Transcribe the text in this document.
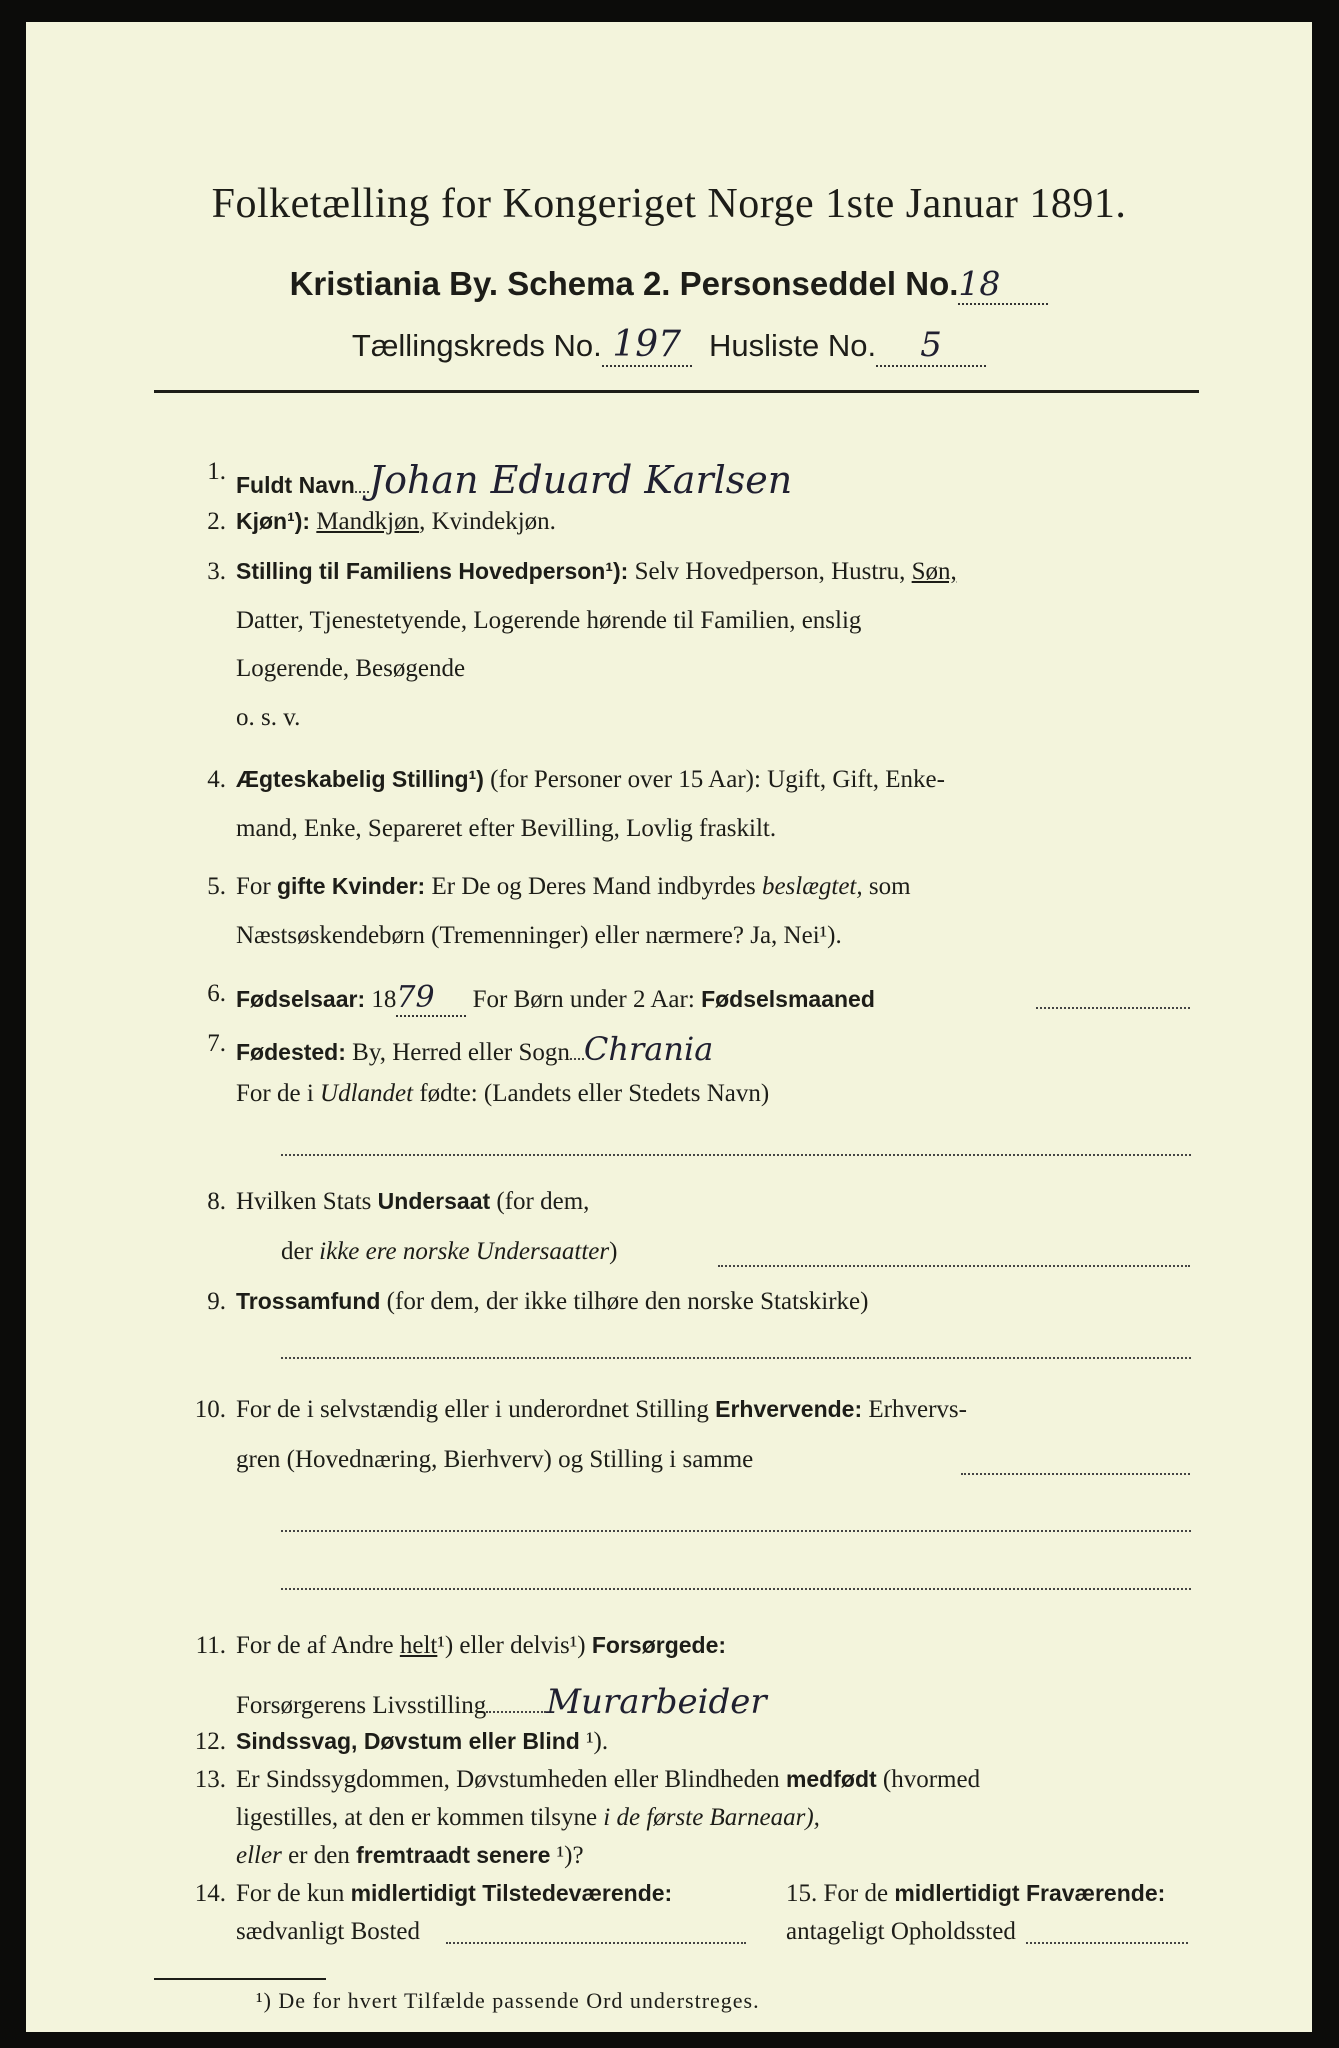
Folketælling for Kongeriget Norge 1ste Januar 1891.
Kristiania By. Schema 2. Personseddel No.18
Tællingskreds No. 197 Husliste No. 5
1. Fuldt Navn Johan Eduard Karlsen
2. Kjøn¹): Mandkjøn, Kvindekjøn.
3. Stilling til Familiens Hovedperson¹): Selv Hovedperson, Hustru, Søn,
Datter, Tjenestetyende, Logerende hørende til Familien, enslig
Logerende, Besøgende
o. s. v.
4. Ægteskabelig Stilling¹) (for Personer over 15 Aar): Ugift, Gift, Enke-
mand, Enke, Separeret efter Bevilling, Lovlig fraskilt.
5. For gifte Kvinder: Er De og Deres Mand indbyrdes beslægtet, som
Næstsøskendebørn (Tremenninger) eller nærmere? Ja, Nei¹).
6. Fødselsaar: 1879 For Børn under 2 Aar: Fødselsmaaned
7. Fødested: By, Herred eller Sogn Chrania
For de i Udlandet fødte: (Landets eller Stedets Navn)
8. Hvilken Stats Undersaat (for dem,
der ikke ere norske Undersaatter)
9. Trossamfund (for dem, der ikke tilhøre den norske Statskirke)
10. For de i selvstændig eller i underordnet Stilling Erhvervende: Erhvervs-
gren (Hovednæring, Bierhverv) og Stilling i samme
11. For de af Andre helt¹) eller delvis¹) Forsørgede:
Forsørgerens Livsstilling Murarbeider
12. Sindssvag, Døvstum eller Blind ¹).
13. Er Sindssygdommen, Døvstumheden eller Blindheden medfødt (hvormed
¹) De for hvert Tilfælde passende Ord understreges.
ligestilles, at den er kommen tilsyne i de første Barneaar),
eller er den fremtraadt senere ¹)?
14. For de kun midlertidigt Tilstedeværende:
sædvanligt Bosted
15. For de midlertidigt Fraværende:
antageligt Opholdssted
